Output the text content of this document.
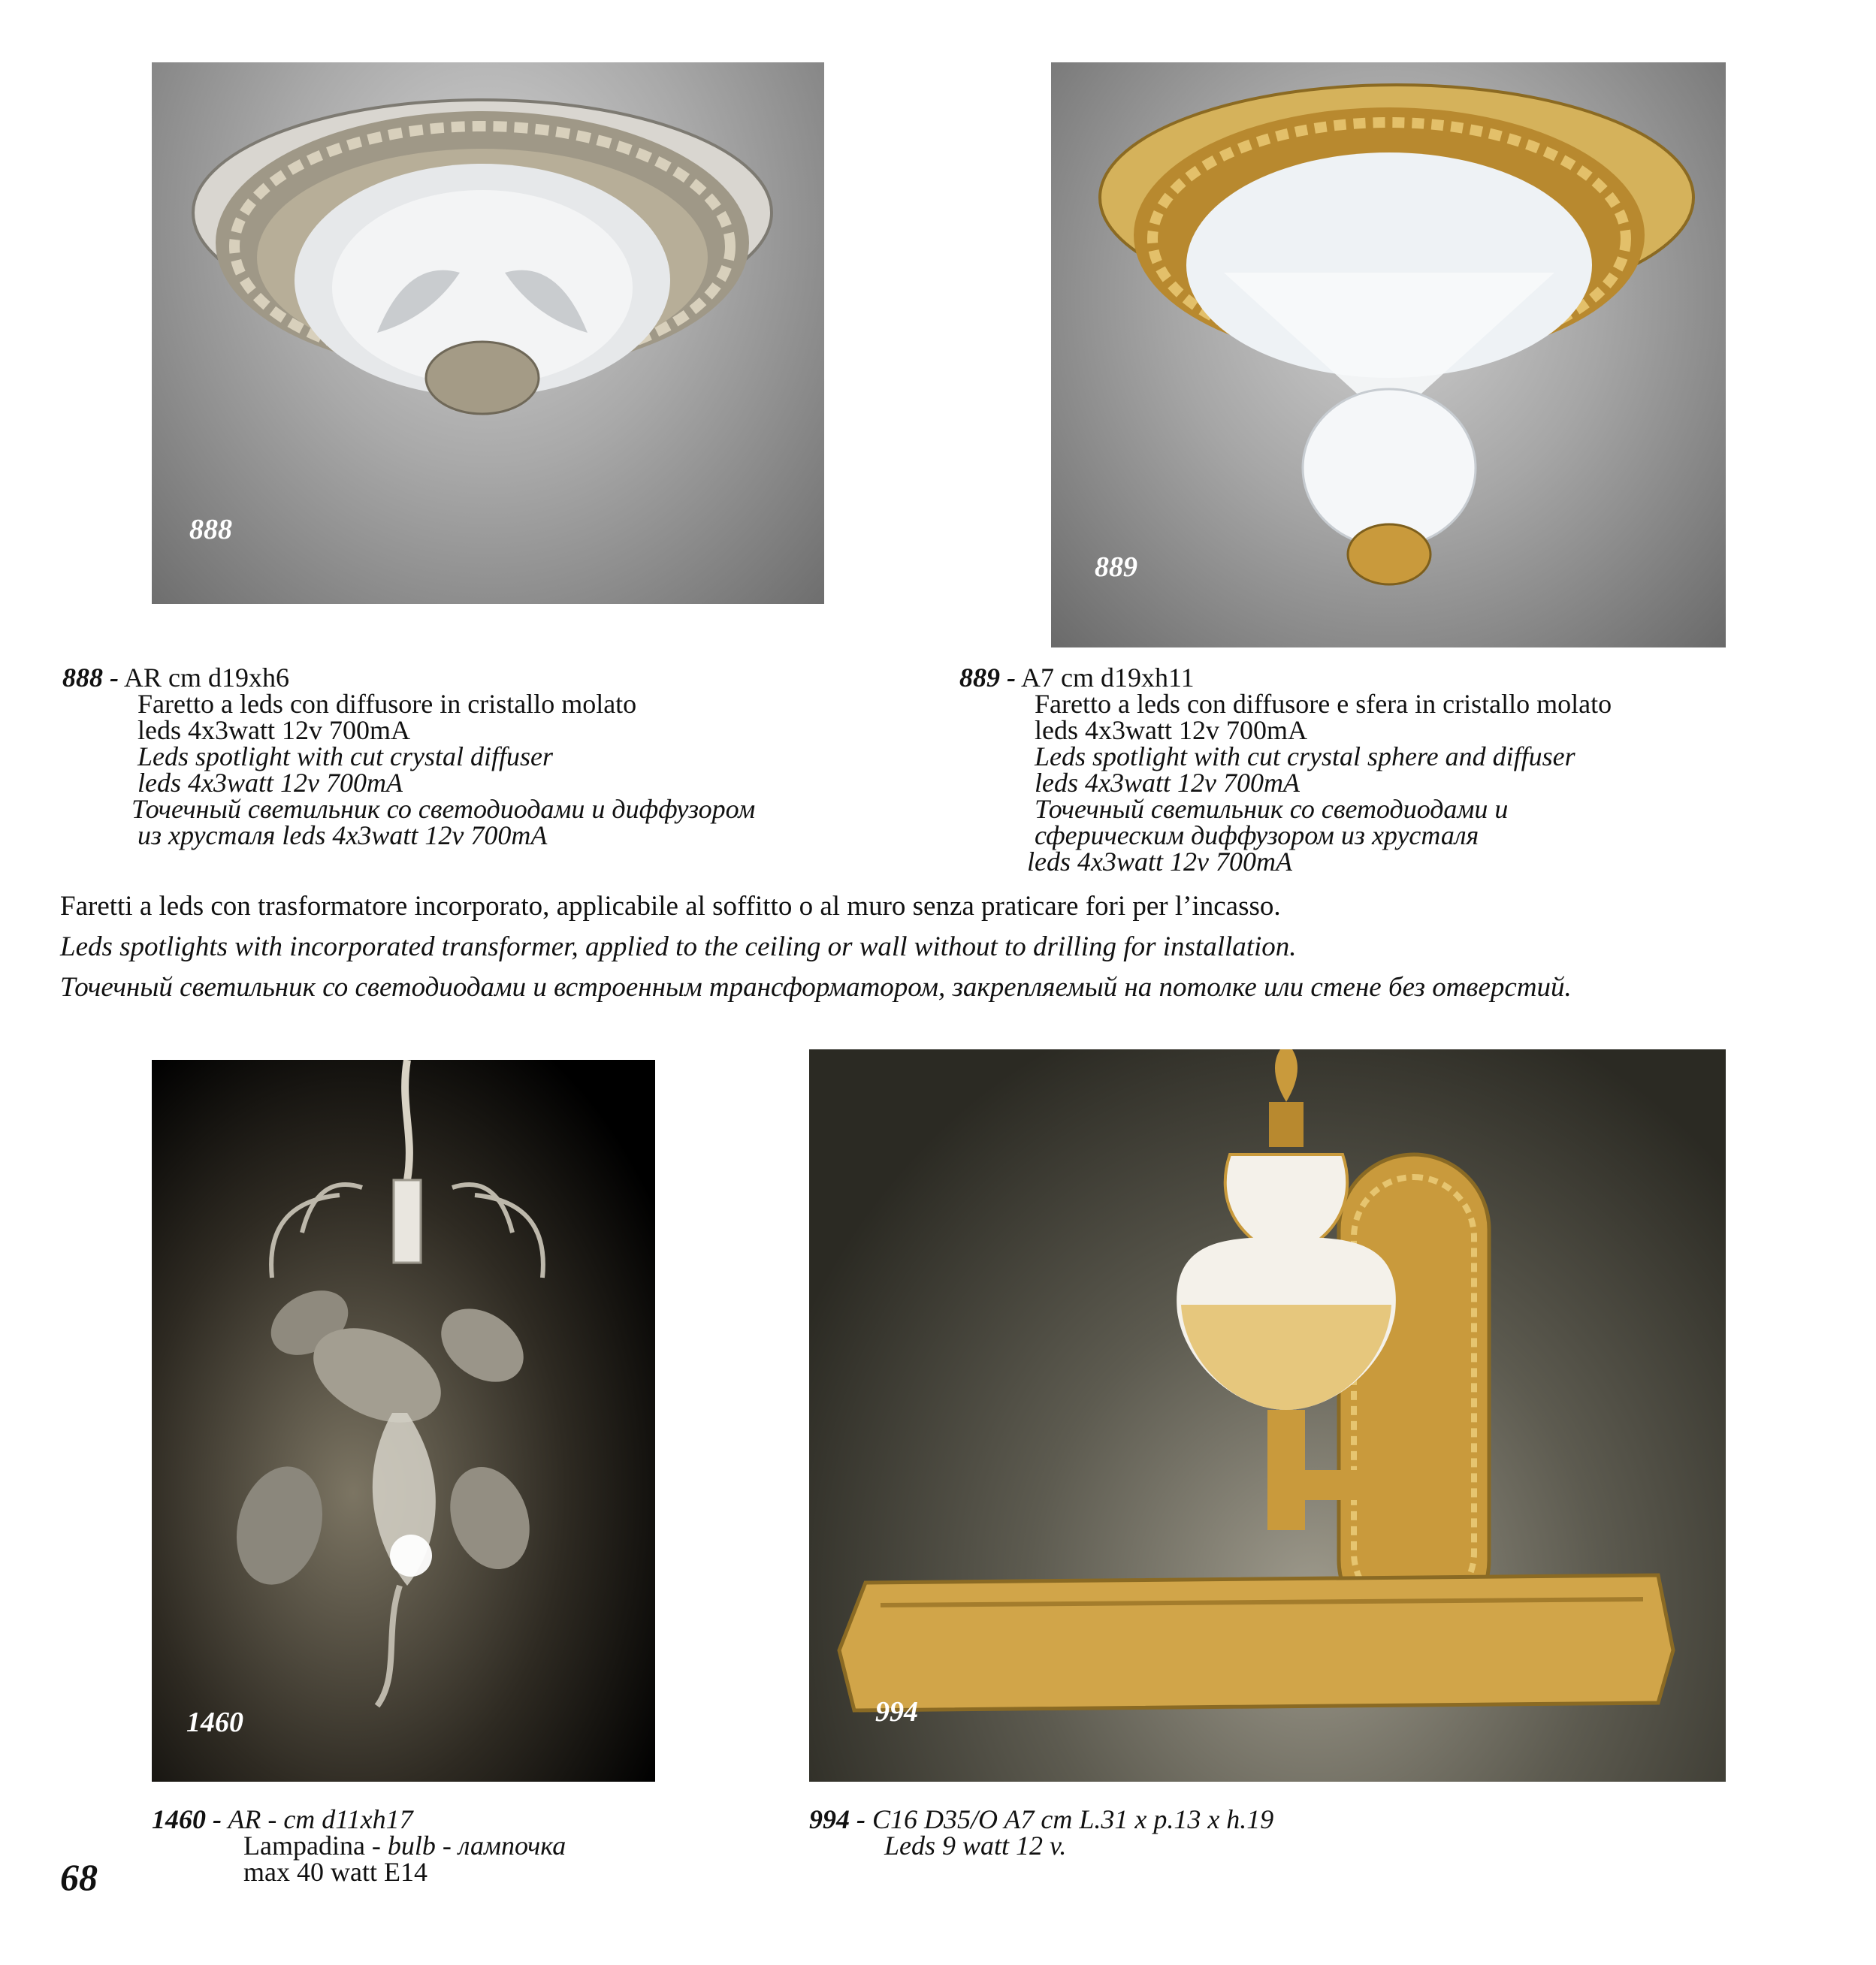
888
889
888 - AR cm d19xh6
Faretto a leds con diffusore in cristallo molato
leds 4x3watt 12v 700mA
Leds spotlight with cut crystal diffuser
leds 4x3watt 12v 700mA
Точечный светильник со светодиодами и диффузором
из хрусталя leds 4x3watt 12v 700mA
889 - A7 cm d19xh11
Faretto a leds con diffusore e sfera in cristallo molato
leds 4x3watt 12v 700mA
Leds spotlight with cut crystal sphere and diffuser
leds 4x3watt 12v 700mA
Точечный светильник со светодиодами и
сферическим диффузором из хрусталя
leds 4x3watt 12v 700mA
Faretti a leds con trasformatore incorporato, applicabile al soffitto o al muro senza praticare fori per l’incasso.
Leds spotlights with incorporated transformer, applied to the ceiling or wall without to drilling for installation.
Точечный светильник со светодиодами и встроенным трансформатором, закрепляемый на потолке или стене без отверстий.
1460	994
1460 - AR - cm d11xh17
Lampadina - bulb - лампочка
max 40 watt E14
994 - C16 D35/O A7 cm L.31 x p.13 x h.19
Leds 9 watt 12 v.
68
